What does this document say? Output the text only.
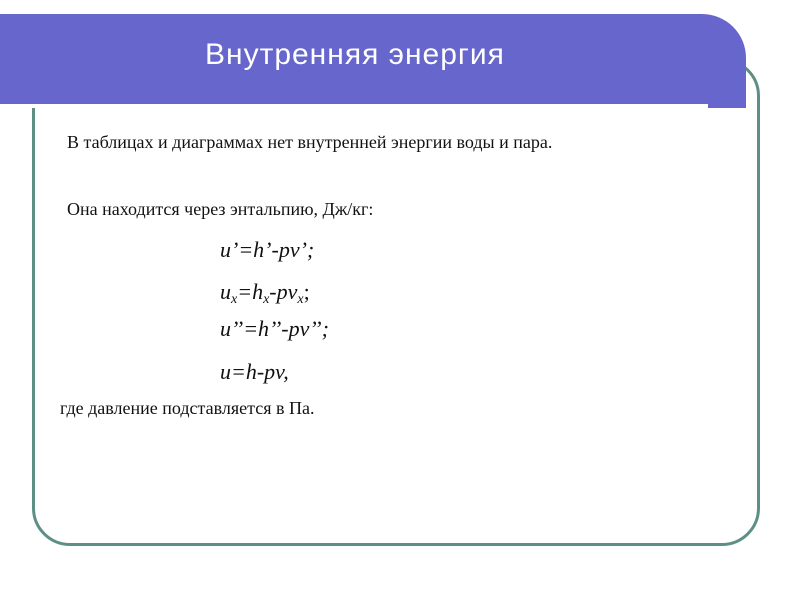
Внутренняя энергия

В таблицах и диаграммах нет внутренней энергии воды и пара.

Она находится через энтальпию, Дж/кг:

u’=h’-pv’;

$u_x=h_x-pv_x$;

u’’=h’’-pv’’;

u=h-pv,

где давление подставляется в Па.
